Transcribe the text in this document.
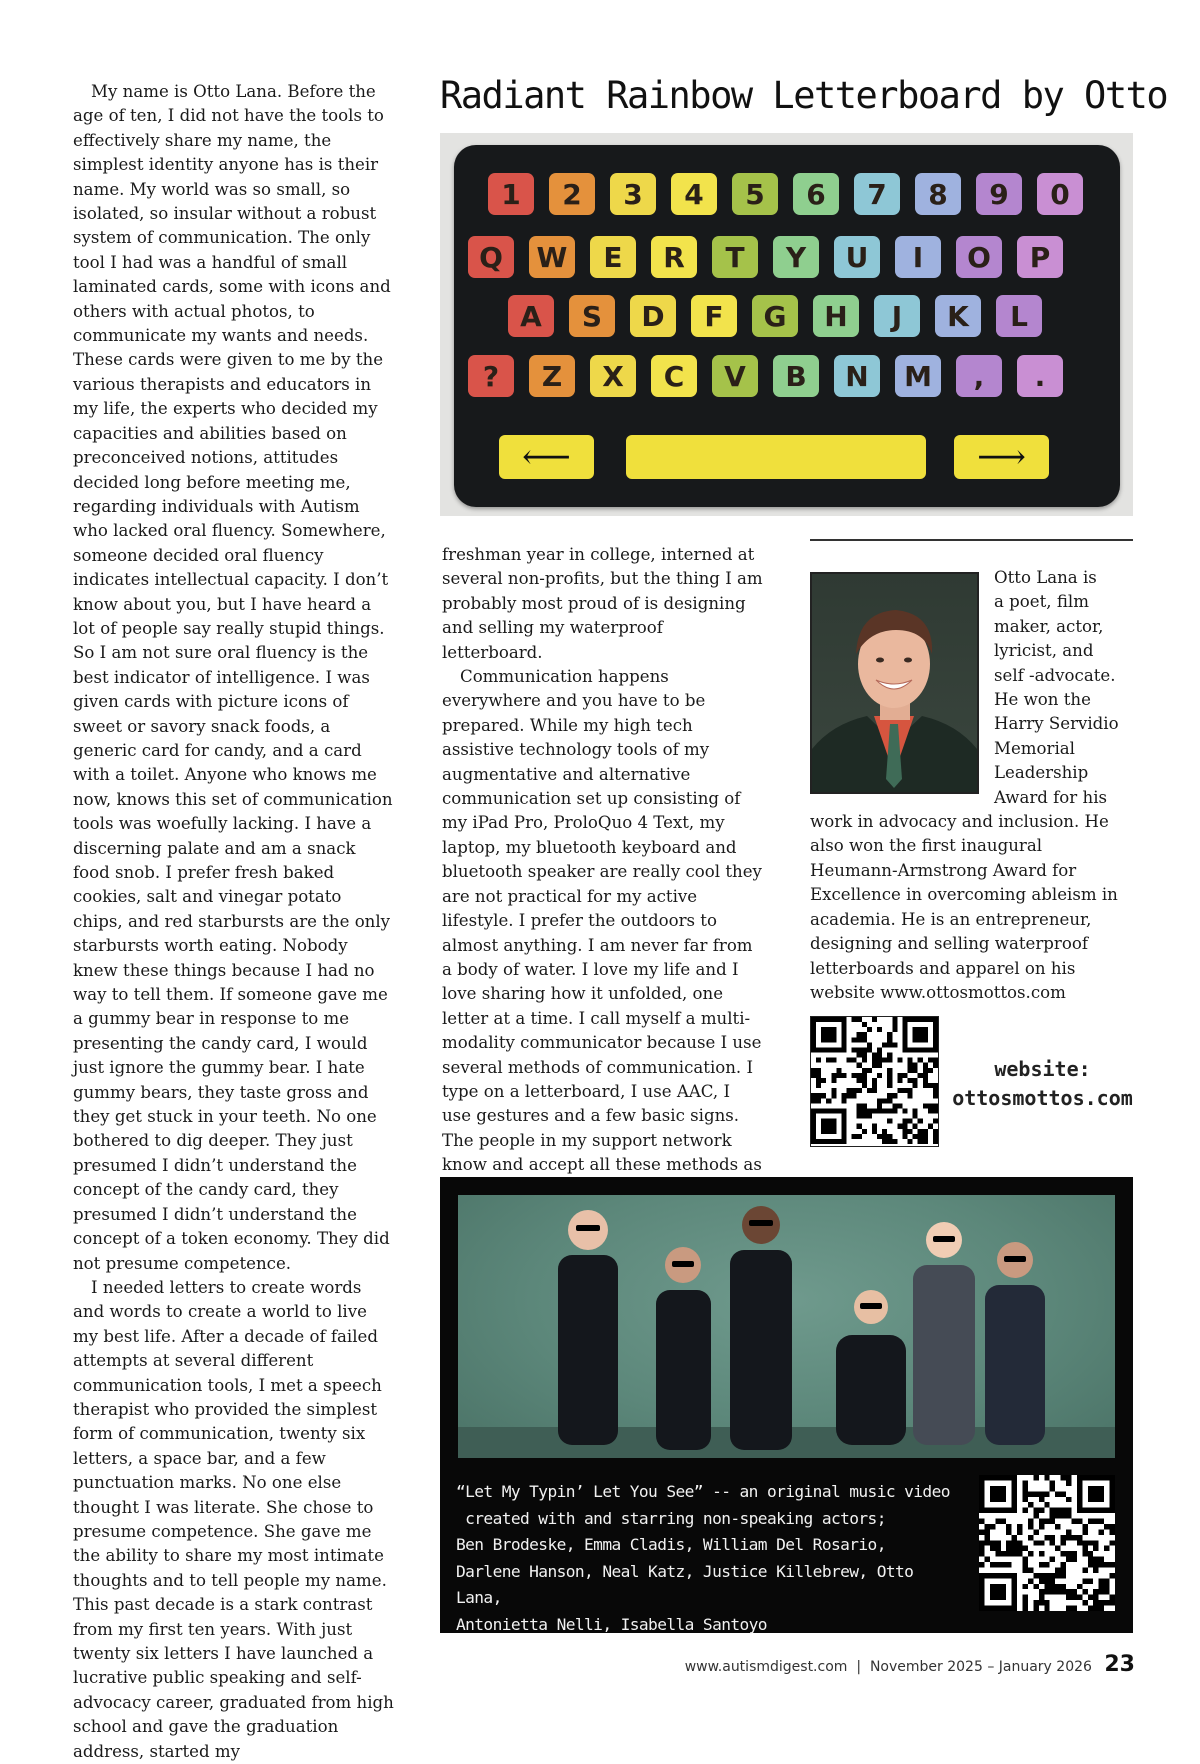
My name is Otto Lana. Before the age of ten, I did not have the tools to effectively share my name, the simplest identity anyone has is their name. My world was so small, so isolated, so insular without a robust system of communication. The only tool I had was a handful of small laminated cards, some with icons and others with actual photos, to communicate my wants and needs. These cards were given to me by the various therapists and educators in my life, the experts who decided my capacities and abilities based on preconceived notions, attitudes decided long before meeting me, regarding individuals with Autism who lacked oral fluency. Somewhere, someone decided oral fluency indicates intellectual capacity. I don’t know about you, but I have heard a lot of people say really stupid things. So I am not sure oral fluency is the best indicator of intelligence. I was given cards with picture icons of sweet or savory snack foods, a generic card for candy, and a card with a toilet. Anyone who knows me now, knows this set of communication tools was woefully lacking. I have a discerning palate and am a snack food snob. I prefer fresh baked cookies, salt and vinegar potato chips, and red starbursts are the only starbursts worth eating. Nobody knew these things because I had no way to tell them. If someone gave me a gummy bear in response to me presenting the candy card, I would just ignore the gummy bear. I hate gummy bears, they taste gross and they get stuck in your teeth. No one bothered to dig deeper. They just presumed I didn’t understand the concept of the candy card, they presumed I didn’t understand the concept of a token economy. They did not presume competence.

I needed letters to create words and words to create a world to live my best life. After a decade of failed attempts at several different communication tools, I met a speech therapist who provided the simplest form of communication, twenty six letters, a space bar, and a few punctuation marks. No one else thought I was literate. She chose to presume competence. She gave me the ability to share my most intimate thoughts and to tell people my name. This past decade is a stark contrast from my first ten years. With just twenty six letters I have launched a lucrative public speaking and self-advocacy career, graduated from high school and gave the graduation address, started my

Radiant Rainbow Letterboard by Otto
1	2	3	4	5	6	7	8	9	0
Q	W	E	R	T	Y	U	I	O	P
A	S	D	F	G	H	J	K	L
?	Z	X	C	V	B	N	M	,	.
⟵	⟶

freshman year in college, interned at several non-profits, but the thing I am probably most proud of is designing and selling my waterproof letterboard.

Communication happens everywhere and you have to be prepared. While my high tech assistive technology tools of my augmentative and alternative communication set up consisting of my iPad Pro, ProloQuo 4 Text, my laptop, my bluetooth keyboard and bluetooth speaker are really cool they are not practical for my active lifestyle. I prefer the outdoors to almost anything. I am never far from a body of water. I love my life and I love sharing how it unfolded, one letter at a time. I call myself a multi-modality communicator because I use several methods of communication. I type on a letterboard, I use AAC, I use gestures and a few basic signs. The people in my support network know and accept all these methods as

Otto Lana is
a poet, film
maker, actor,
lyricist, and
self -advocate.
He won the
Harry Servidio
Memorial
Leadership
Award for his
work in advocacy and inclusion. He also won the first inaugural Heumann-Armstrong Award for Excellence in overcoming ableism in academia. He is an entrepreneur, designing and selling waterproof letterboards and apparel on his website www.ottosmottos.com
website:
ottosmottos.com
“Let My Typin’ Let You See” -- an original music video
created with and starring non-speaking actors;
Ben Brodeske, Emma Cladis, William Del Rosario,
Darlene Hanson, Neal Katz, Justice Killebrew, Otto Lana,
Antonietta Nelli, Isabella Santoyo
www.autismdigest.com  |  November 2025 – January 2026 23
